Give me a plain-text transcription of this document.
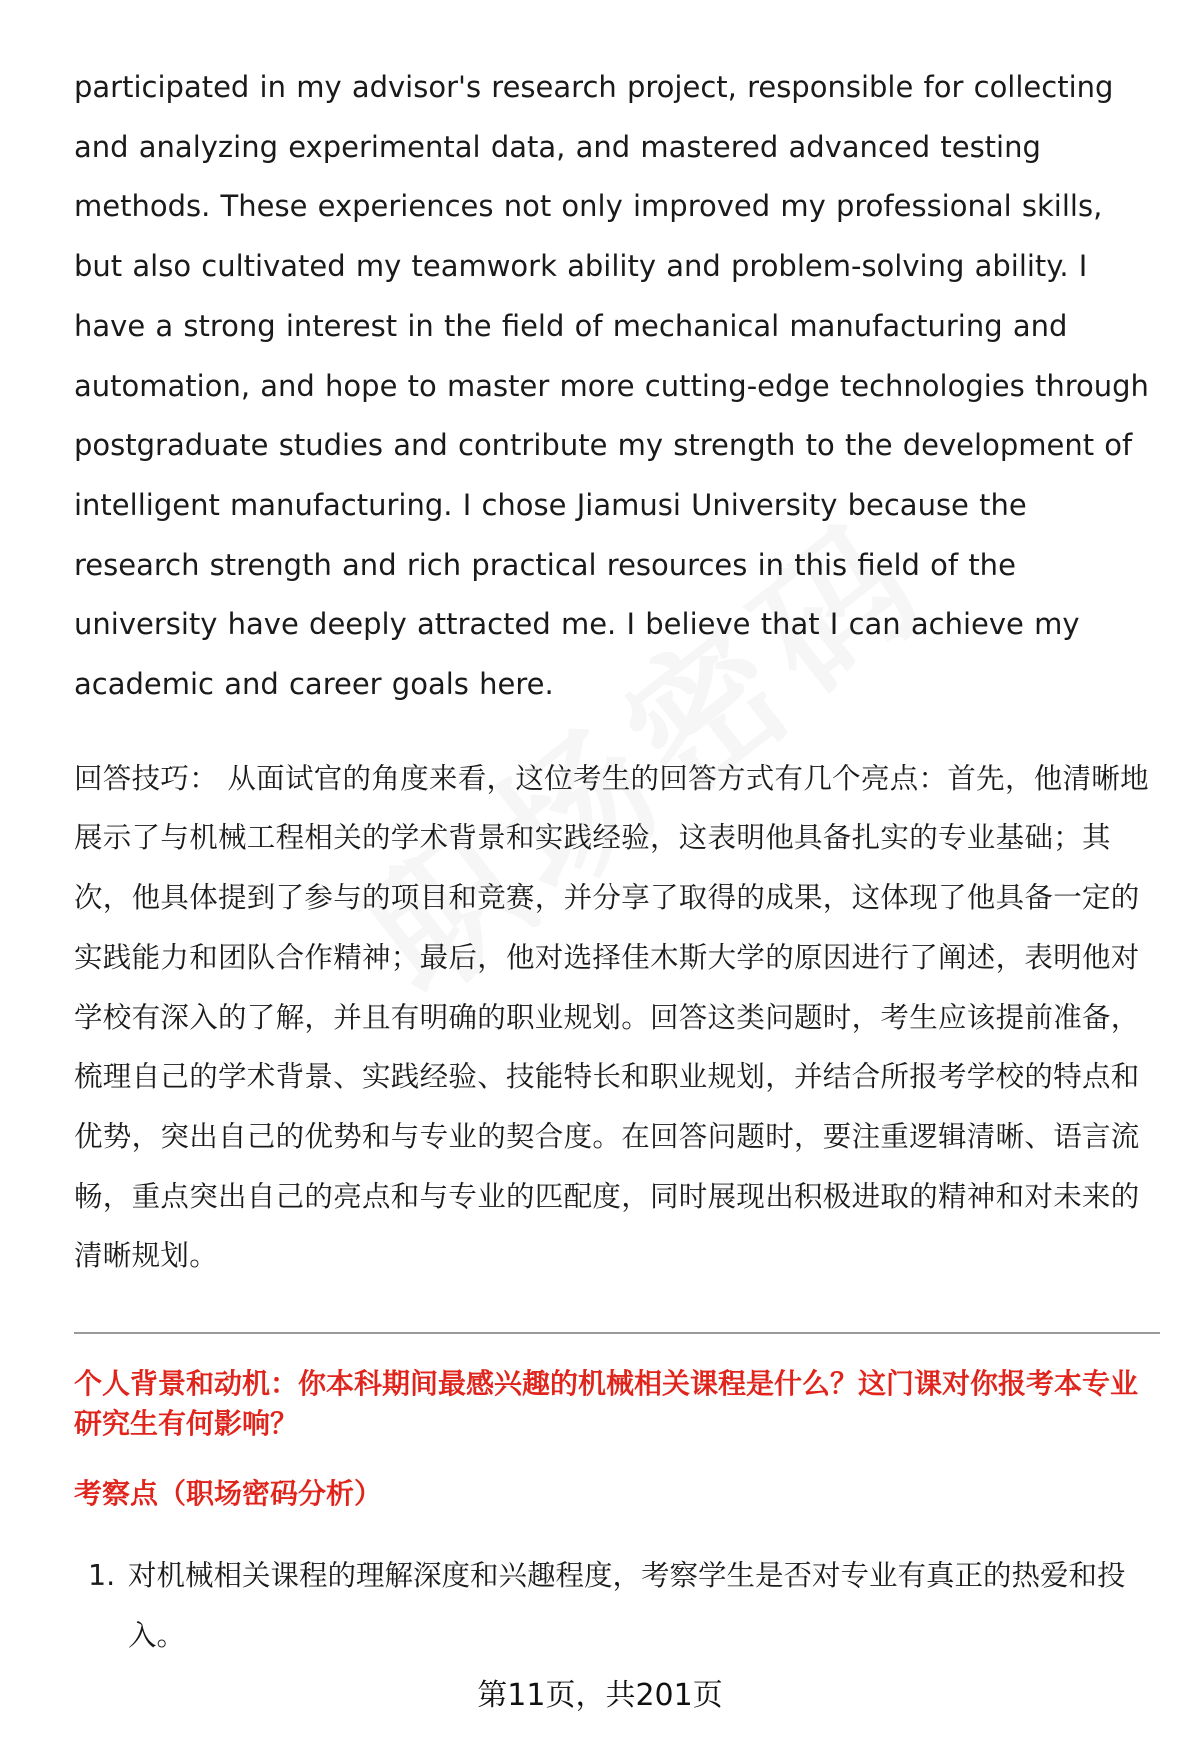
participated in my advisor's research project, responsible for collecting and analyzing experimental data, and mastered advanced testing methods. These experiences not only improved my professional skills, but also cultivated my teamwork ability and problem-solving ability. I have a strong interest in the field of mechanical manufacturing and automation, and hope to master more cutting-edge technologies through postgraduate studies and contribute my strength to the development of intelligent manufacturing. I chose Jiamusi University because the research strength and rich practical resources in this field of the university have deeply attracted me. I believe that I can achieve my academic and career goals here.

回答技巧： 从面试官的角度来看，这位考生的回答方式有几个亮点：首先，他清晰地展示了与机械工程相关的学术背景和实践经验，这表明他具备扎实的专业基础；其次，他具体提到了参与的项目和竞赛，并分享了取得的成果，这体现了他具备一定的实践能力和团队合作精神；最后，他对选择佳木斯大学的原因进行了阐述，表明他对学校有深入的了解，并且有明确的职业规划。回答这类问题时，考生应该提前准备，梳理自己的学术背景、实践经验、技能特长和职业规划，并结合所报考学校的特点和优势，突出自己的优势和与专业的契合度。在回答问题时，要注重逻辑清晰、语言流畅，重点突出自己的亮点和与专业的匹配度，同时展现出积极进取的精神和对未来的清晰规划。

个人背景和动机：你本科期间最感兴趣的机械相关课程是什么？这门课对你报考本专业研究生有何影响？
考察点（职场密码分析）
1. 对机械相关课程的理解深度和兴趣程度，考察学生是否对专业有真正的热爱和投入。
第11页，共201页
